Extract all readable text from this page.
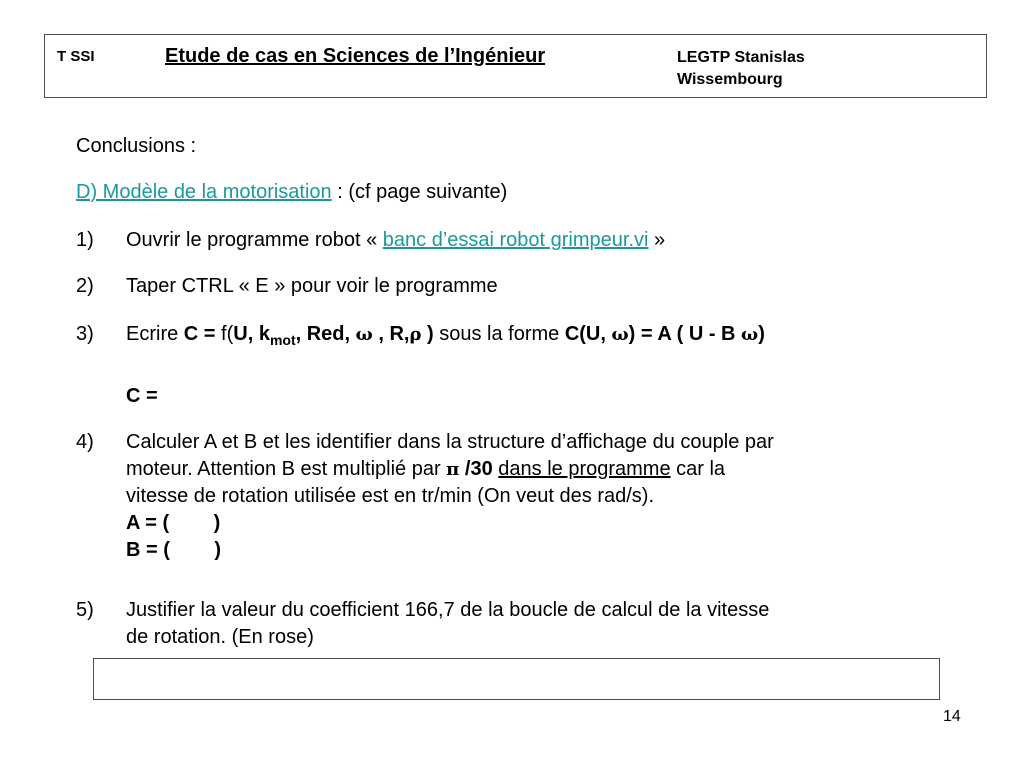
T SSI	Etude de cas en Sciences de l’Ingénieur	LEGTP Stanislas
Wissembourg
Conclusions :
D) Modèle de la motorisation : (cf page suivante)
1) Ouvrir le programme robot « banc d’essai robot grimpeur.vi »
2) Taper CTRL « E » pour voir le programme
3) Ecrire C = f(U, $k_{mot}$, Red, ω , R,ρ ) sous la forme C(U, ω) = A ( U - B ω)
C =
4) Calculer A et B et les identifier dans la structure d’affichage du couple par
moteur. Attention B est multiplié par π /30 dans le programme car la
vitesse de rotation utilisée est en tr/min (On veut des rad/s).
A = (        )
B = (        )
5) Justifier la valeur du coefficient 166,7 de la boucle de calcul de la vitesse
de rotation. (En rose)
14
